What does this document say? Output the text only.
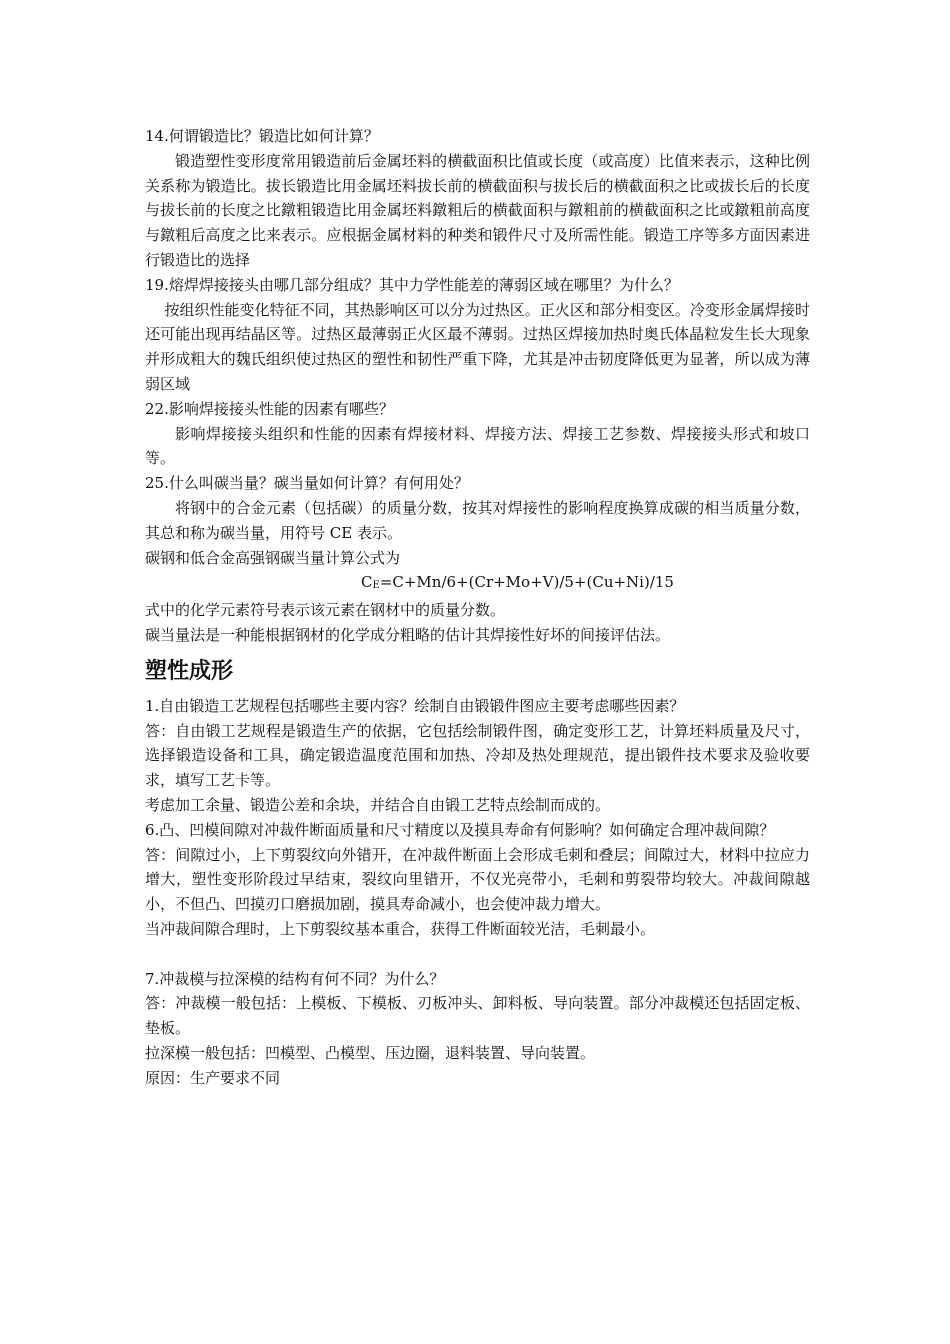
14.何谓锻造比？锻造比如何计算？

锻造塑性变形度常用锻造前后金属坯料的横截面积比值或长度（或高度）比值来表示，这种比例关系称为锻造比。拔长锻造比用金属坯料拔长前的横截面积与拔长后的横截面积之比或拔长后的长度与拔长前的长度之比鐓粗锻造比用金属坯料鐓粗后的横截面积与鐓粗前的横截面积之比或鐓粗前高度与鐓粗后高度之比来表示。应根据金属材料的种类和锻件尺寸及所需性能。锻造工序等多方面因素进行锻造比的选择

19.熔焊焊接接头由哪几部分组成？其中力学性能差的薄弱区域在哪里？为什么？

按组织性能变化特征不同，其热影响区可以分为过热区。正火区和部分相变区。冷变形金属焊接时还可能出现再结晶区等。过热区最薄弱正火区最不薄弱。过热区焊接加热时奥氏体晶粒发生长大现象并形成粗大的魏氏组织使过热区的塑性和韧性严重下降，尤其是冲击韧度降低更为显著，所以成为薄弱区域

22.影响焊接接头性能的因素有哪些？

影响焊接接头组织和性能的因素有焊接材料、焊接方法、焊接工艺参数、焊接接头形式和坡口等。

25.什么叫碳当量？碳当量如何计算？有何用处？

将钢中的合金元素（包括碳）的质量分数，按其对焊接性的影响程度换算成碳的相当质量分数，其总和称为碳当量，用符号 CE 表示。

碳钢和低合金高强钢碳当量计算公式为

$C_E=C+Mn/6+(Cr+Mo+V)/5+(Cu+Ni)/15$

式中的化学元素符号表示该元素在钢材中的质量分数。

碳当量法是一种能根据钢材的化学成分粗略的估计其焊接性好坏的间接评估法。

塑性成形

1.自由锻造工艺规程包括哪些主要内容？绘制自由锻锻件图应主要考虑哪些因素？

答：自由锻工艺规程是锻造生产的依据，它包括绘制锻件图，确定变形工艺，计算坯料质量及尺寸，选择锻造设备和工具，确定锻造温度范围和加热、冷却及热处理规范，提出锻件技术要求及验收要求，填写工艺卡等。

考虑加工余量、锻造公差和余块，并结合自由锻工艺特点绘制而成的。

6.凸、凹模间隙对冲裁件断面质量和尺寸精度以及摸具寿命有何影响？如何确定合理冲裁间隙？

答：间隙过小，上下剪裂纹向外错开，在冲裁件断面上会形成毛刺和叠层；间隙过大，材料中拉应力增大，塑性变形阶段过早结束，裂纹向里错开，不仅光亮带小，毛刺和剪裂带均较大。冲裁间隙越小，不但凸、凹摸刃口磨损加剧，摸具寿命减小，也会使冲裁力增大。

当冲裁间隙合理时，上下剪裂纹基本重合，获得工件断面较光洁，毛刺最小。

7.冲裁模与拉深模的结构有何不同？为什么？

答：冲裁模一般包括：上模板、下模板、刃板冲头、卸料板、导向装置。部分冲裁模还包括固定板、垫板。

拉深模一般包括：凹模型、凸模型、压边圈，退料装置、导向装置。

原因：生产要求不同
